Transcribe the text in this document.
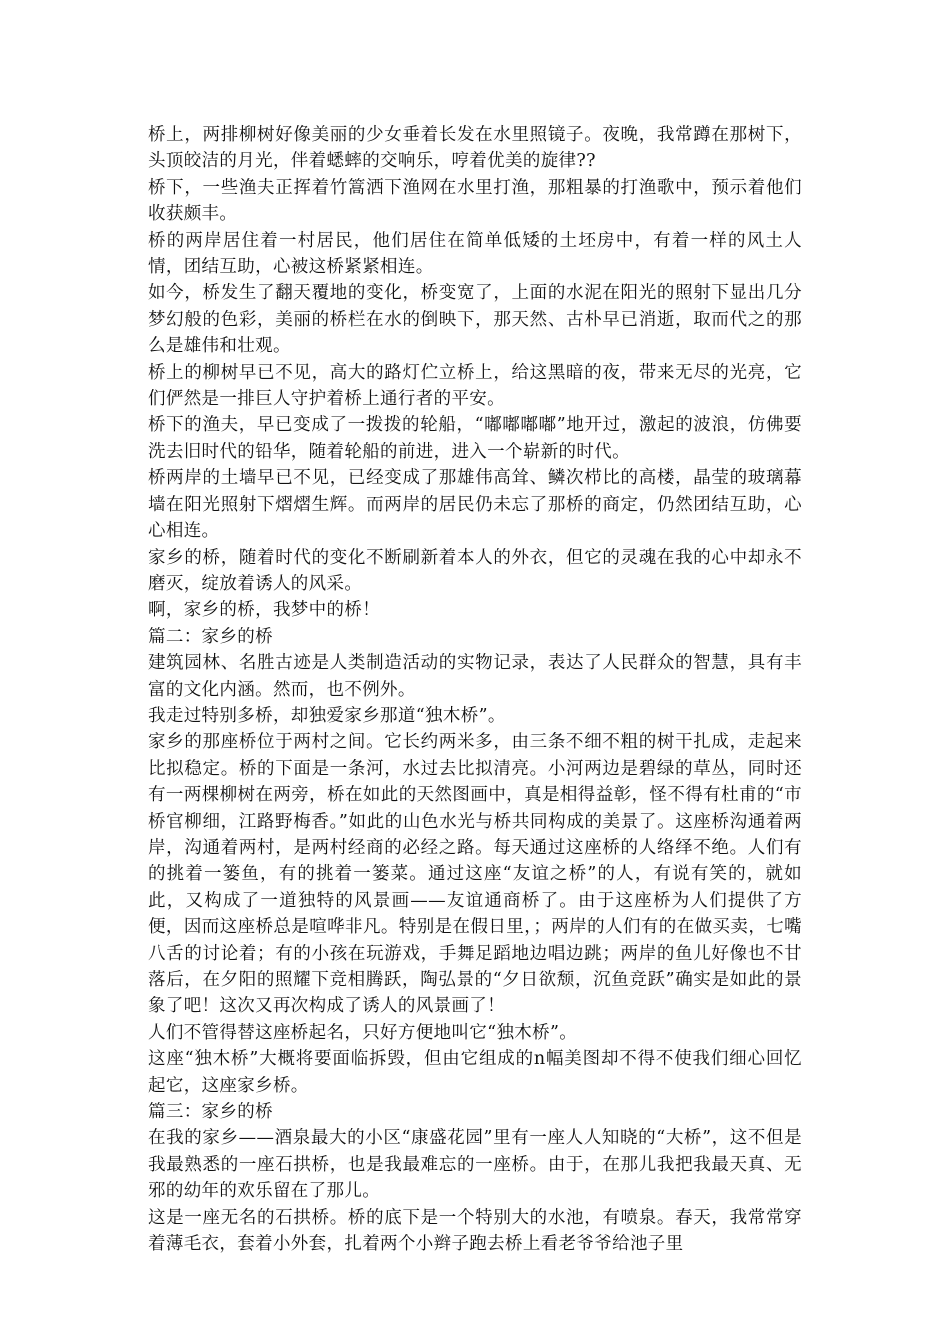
桥上，两排柳树好像美丽的少女垂着长发在水里照镜子。夜晚，我常蹲在那树下，头顶皎洁的月光，伴着蟋蟀的交响乐，哼着优美的旋律??

桥下，一些渔夫正挥着竹篙洒下渔网在水里打渔，那粗暴的打渔歌中，预示着他们收获颇丰。

桥的两岸居住着一村居民，他们居住在简单低矮的土坯房中，有着一样的风土人情，团结互助，心被这桥紧紧相连。

如今，桥发生了翻天覆地的变化，桥变宽了，上面的水泥在阳光的照射下显出几分梦幻般的色彩，美丽的桥栏在水的倒映下，那天然、古朴早已消逝，取而代之的那么是雄伟和壮观。

桥上的柳树早已不见，高大的路灯伫立桥上，给这黑暗的夜，带来无尽的光亮，它们俨然是一排巨人守护着桥上通行者的平安。

桥下的渔夫，早已变成了一拨拨的轮船，“嘟嘟嘟嘟”地开过，激起的波浪，仿佛要洗去旧时代的铅华，随着轮船的前进，进入一个崭新的时代。

桥两岸的土墙早已不见，已经变成了那雄伟高耸、鳞次栉比的高楼，晶莹的玻璃幕墙在阳光照射下熠熠生辉。而两岸的居民仍未忘了那桥的商定，仍然团结互助，心心相连。

家乡的桥，随着时代的变化不断刷新着本人的外衣，但它的灵魂在我的心中却永不磨灭，绽放着诱人的风采。

啊，家乡的桥，我梦中的桥！

篇二：家乡的桥

建筑园林、名胜古迹是人类制造活动的实物记录，表达了人民群众的智慧，具有丰富的文化内涵。然而，也不例外。

我走过特别多桥，却独爱家乡那道“独木桥”。

家乡的那座桥位于两村之间。它长约两米多，由三条不细不粗的树干扎成，走起来比拟稳定。桥的下面是一条河，水过去比拟清亮。小河两边是碧绿的草丛，同时还有一两棵柳树在两旁，桥在如此的天然图画中，真是相得益彰，怪不得有杜甫的“市桥官柳细，江路野梅香。”如此的山色水光与桥共同构成的美景了。这座桥沟通着两岸，沟通着两村，是两村经商的必经之路。每天通过这座桥的人络绎不绝。人们有的挑着一篓鱼，有的挑着一篓菜。通过这座“友谊之桥”的人，有说有笑的，就如此，又构成了一道独特的风景画——友谊通商桥了。由于这座桥为人们提供了方便，因而这座桥总是喧哗非凡。特别是在假日里，；两岸的人们有的在做买卖，七嘴八舌的讨论着；有的小孩在玩游戏，手舞足蹈地边唱边跳；两岸的鱼儿好像也不甘落后，在夕阳的照耀下竞相腾跃，陶弘景的“夕日欲颓，沉鱼竞跃”确实是如此的景象了吧！这次又再次构成了诱人的风景画了！

人们不管得替这座桥起名，只好方便地叫它“独木桥”。

这座“独木桥”大概将要面临拆毁，但由它组成的n幅美图却不得不使我们细心回忆起它，这座家乡桥。

篇三：家乡的桥

在我的家乡——酒泉最大的小区“康盛花园”里有一座人人知晓的“大桥”，这不但是我最熟悉的一座石拱桥，也是我最难忘的一座桥。由于，在那儿我把我最天真、无邪的幼年的欢乐留在了那儿。

这是一座无名的石拱桥。桥的底下是一个特别大的水池，有喷泉。春天，我常常穿着薄毛衣，套着小外套，扎着两个小辫子跑去桥上看老爷爷给池子里
